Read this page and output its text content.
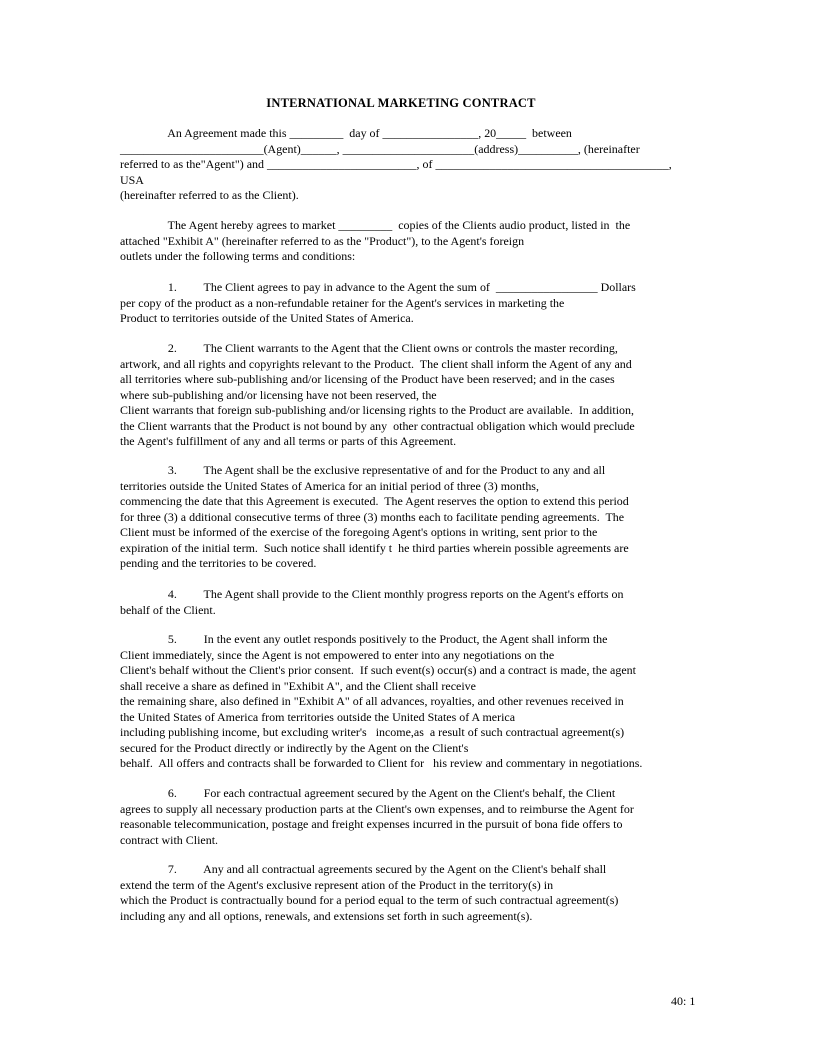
INTERNATIONAL MARKETING CONTRACT
An Agreement made this _________  day of ________________, 20_____  between
________________________(Agent)______, ______________________(address)__________, (hereinafter
referred to as the"Agent") and _________________________, of _______________________________________,
USA
(hereinafter referred to as the Client).
The Agent hereby agrees to market _________  copies of the Clients audio product, listed in  the
attached "Exhibit A" (hereinafter referred to as the "Product"), to the Agent's foreign
outlets under the following terms and conditions:
1.         The Client agrees to pay in advance to the Agent the sum of  _________________ Dollars
per copy of the product as a non-refundable retainer for the Agent's services in marketing the
Product to territories outside of the United States of America.
2.         The Client warrants to the Agent that the Client owns or controls the master recording,
artwork, and all rights and copyrights relevant to the Product.  The client shall inform the Agent of any and
all territories where sub-publishing and/or licensing of the Product have been reserved; and in the cases
where sub-publishing and/or licensing have not been reserved, the
Client warrants that foreign sub-publishing and/or licensing rights to the Product are available.  In addition,
the Client warrants that the Product is not bound by any  other contractual obligation which would preclude
the Agent's fulfillment of any and all terms or parts of this Agreement.
3.         The Agent shall be the exclusive representative of and for the Product to any and all
territories outside the United States of America for an initial period of three (3) months,
commencing the date that this Agreement is executed.  The Agent reserves the option to extend this period
for three (3) a dditional consecutive terms of three (3) months each to facilitate pending agreements.  The
Client must be informed of the exercise of the foregoing Agent's options in writing, sent prior to the
expiration of the initial term.  Such notice shall identify t  he third parties wherein possible agreements are
pending and the territories to be covered.
4.         The Agent shall provide to the Client monthly progress reports on the Agent's efforts on
behalf of the Client.
5.         In the event any outlet responds positively to the Product, the Agent shall inform the
Client immediately, since the Agent is not empowered to enter into any negotiations on the
Client's behalf without the Client's prior consent.  If such event(s) occur(s) and a contract is made, the agent
shall receive a share as defined in "Exhibit A", and the Client shall receive
the remaining share, also defined in "Exhibit A" of all advances, royalties, and other revenues received in
the United States of America from territories outside the United States of A merica
including publishing income, but excluding writer's   income,as  a result of such contractual agreement(s)
secured for the Product directly or indirectly by the Agent on the Client's
behalf.  All offers and contracts shall be forwarded to Client for   his review and commentary in negotiations.
6.         For each contractual agreement secured by the Agent on the Client's behalf, the Client
agrees to supply all necessary production parts at the Client's own expenses, and to reimburse the Agent for
reasonable telecommunication, postage and freight expenses incurred in the pursuit of bona fide offers to
contract with Client.
7.         Any and all contractual agreements secured by the Agent on the Client's behalf shall
extend the term of the Agent's exclusive represent ation of the Product in the territory(s) in
which the Product is contractually bound for a period equal to the term of such contractual agreement(s)
including any and all options, renewals, and extensions set forth in such agreement(s).
40: 1
